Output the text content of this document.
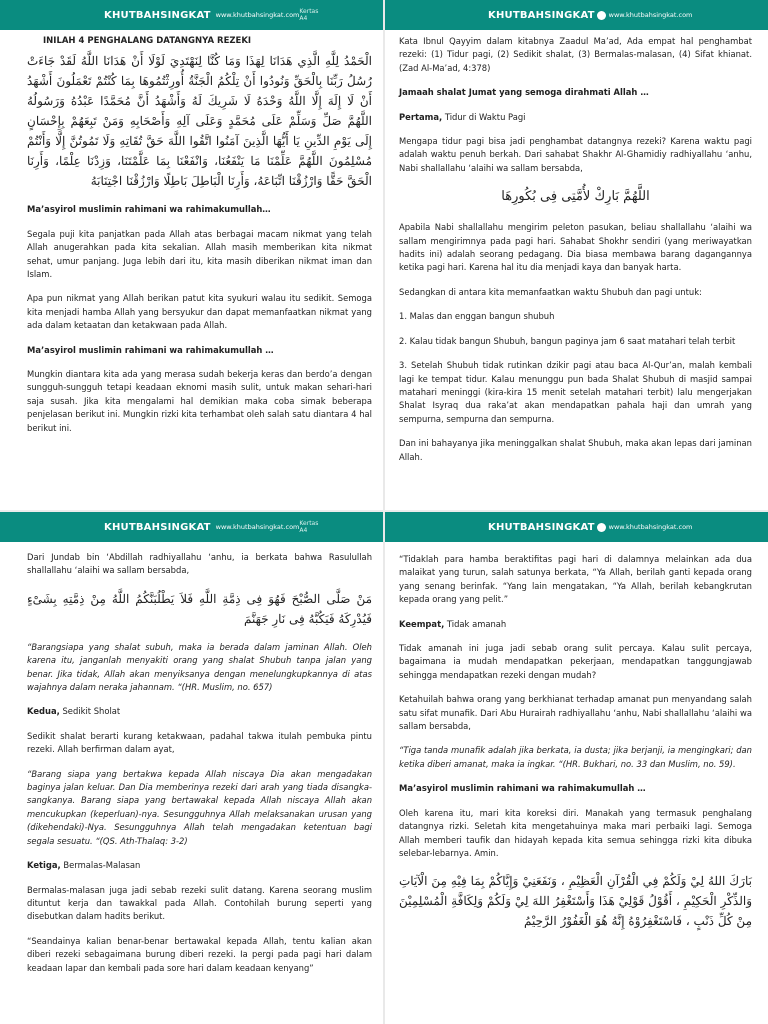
KHUTBAHSINGKAT www.khutbahsingkat.com Kertas A4
INILAH 4 PENGHALANG DATANGNYA REZEKI
الْحَمْدُ لِلَّهِ الَّذِي هَدَانَا لِهَذَا وَمَا كُنَّا لِنَهْتَدِيَ لَوْلَا أَنْ هَدَانَا اللَّهُ لَقَدْ جَاءَتْ رُسُلُ رَبِّنَا بِالْحَقِّ وَنُودُوا أَنْ تِلْكُمُ الْجَنَّةُ أُورِثْتُمُوهَا بِمَا كُنْتُمْ تَعْمَلُونَ أَشْهَدُ أَنْ لَا إِلَهَ إِلَّا اللَّهُ وَحْدَهُ لَا شَرِيكَ لَهُ وَأَشْهَدُ أَنَّ مُحَمَّدًا عَبْدُهُ وَرَسُولُهُ اللَّهُمَّ صَلِّ وَسَلِّمْ عَلَى مُحَمَّدٍ وَعَلَى آلِهِ وَأَصْحَابِهِ وَمَنْ تَبِعَهُمْ بِإِحْسَانٍ إِلَى يَوْمِ الدِّينِ يَا أَيُّهَا الَّذِينَ آمَنُوا اتَّقُوا اللَّهَ حَقَّ تُقَاتِهِ وَلَا تَمُوتُنَّ إِلَّا وَأَنْتُمْ مُسْلِمُونَ اللَّهُمَّ عَلِّمْنَا مَا يَنْفَعُنَا، وَانْفَعْنَا بِمَا عَلَّمْتَنَا، وَزِدْنَا عِلْمًا، وَأَرِنَا الْحَقَّ حَقًّا وَارْزُقْنَا اتِّبَاعَهُ، وَأَرِنَا الْبَاطِلَ بَاطِلًا وَارْزُقْنَا اجْتِنَابَهُ

Ma’asyirol muslimin rahimani wa rahimakumullah…

Segala puji kita panjatkan pada Allah atas berbagai macam nikmat yang telah Allah anugerahkan pada kita sekalian. Allah masih memberikan kita nikmat sehat, umur panjang. Juga lebih dari itu, kita masih diberikan nikmat iman dan Islam.

Apa pun nikmat yang Allah berikan patut kita syukuri walau itu sedikit. Semoga kita menjadi hamba Allah yang bersyukur dan dapat memanfaatkan nikmat yang ada dalam ketaatan dan ketakwaan pada Allah.

Ma’asyirol muslimin rahimani wa rahimakumullah …

Mungkin diantara kita ada yang merasa sudah bekerja keras dan berdo’a dengan sungguh-sungguh tetapi keadaan eknomi masih sulit, untuk makan sehari-hari saja susah. Jika kita mengalami hal demikian maka coba simak beberapa penjelasan berikut ini. Mungkin rizki kita terhambat oleh salah satu diantara 4 hal berikut ini.

KHUTBAHSINGKAT www.khutbahsingkat.com

Kata Ibnul Qayyim dalam kitabnya Zaadul Ma’ad, Ada empat hal penghambat rezeki: (1) Tidur pagi, (2) Sedikit shalat, (3) Bermalas-malasan, (4) Sifat khianat. (Zad Al-Ma’ad, 4:378)

Jamaah shalat Jumat yang semoga dirahmati Allah …

Pertama, Tidur di Waktu Pagi

Mengapa tidur pagi bisa jadi penghambat datangnya rezeki? Karena waktu pagi adalah waktu penuh berkah. Dari sahabat Shakhr Al-Ghamidiy radhiyallahu ‘anhu, Nabi shallallahu ‘alaihi wa sallam bersabda,

اللَّهُمَّ بَارِكْ لأُمَّتِى فِى بُكُورِهَا

Apabila Nabi shallallahu mengirim peleton pasukan, beliau shallallahu ‘alaihi wa sallam mengirimnya pada pagi hari. Sahabat Shokhr sendiri (yang meriwayatkan hadits ini) adalah seorang pedagang. Dia biasa membawa barang dagangannya ketika pagi hari. Karena hal itu dia menjadi kaya dan banyak harta.

Sedangkan di antara kita memanfaatkan waktu Shubuh dan pagi untuk:

1. Malas dan enggan bangun shubuh

2. Kalau tidak bangun Shubuh, bangun paginya jam 6 saat matahari telah terbit

3. Setelah Shubuh tidak rutinkan dzikir pagi atau baca Al-Qur’an, malah kembali lagi ke tempat tidur. Kalau menunggu pun bada Shalat Shubuh di masjid sampai matahari meninggi (kira-kira 15 menit setelah matahari terbit) lalu mengerjakan Shalat Isyraq dua raka’at akan mendapatkan pahala haji dan umrah yang sempurna, sempurna dan sempurna.

Dan ini bahayanya jika meninggalkan shalat Shubuh, maka akan lepas dari jaminan Allah.

KHUTBAHSINGKAT www.khutbahsingkat.com Kertas A4

Dari Jundab bin ‘Abdillah radhiyallahu ‘anhu, ia berkata bahwa Rasulullah shallallahu ‘alaihi wa sallam bersabda,

مَنْ صَلَّى الصُّبْحَ فَهُوَ فِى ذِمَّةِ اللَّهِ فَلاَ يَطْلُبَنَّكُمُ اللَّهُ مِنْ ذِمَّتِهِ بِشَىْءٍ فَيُدْرِكَهُ فَيَكُبَّهُ فِى نَارِ جَهَنَّمَ

“Barangsiapa yang shalat subuh, maka ia berada dalam jaminan Allah. Oleh karena itu, janganlah menyakiti orang yang shalat Shubuh tanpa jalan yang benar. Jika tidak, Allah akan menyiksanya dengan menelungkupkannya di atas wajahnya dalam neraka jahannam. “(HR. Muslim, no. 657)

Kedua, Sedikit Sholat

Sedikit shalat berarti kurang ketakwaan, padahal takwa itulah pembuka pintu rezeki. Allah berfirman dalam ayat,

“Barang siapa yang bertakwa kepada Allah niscaya Dia akan mengadakan baginya jalan keluar. Dan Dia memberinya rezeki dari arah yang tiada disangka-sangkanya. Barang siapa yang bertawakal kepada Allah niscaya Allah akan mencukupkan (keperluan)-nya. Sesungguhnya Allah melaksanakan urusan yang (dikehendaki)-Nya. Sesungguhnya Allah telah mengadakan ketentuan bagi segala sesuatu. “(QS. Ath-Thalaq: 3-2)

Ketiga, Bermalas-Malasan

Bermalas-malasan juga jadi sebab rezeki sulit datang. Karena seorang muslim dituntut kerja dan tawakkal pada Allah. Contohilah burung seperti yang disebutkan dalam hadits berikut.

“Seandainya kalian benar-benar bertawakal kepada Allah, tentu kalian akan diberi rezeki sebagaimana burung diberi rezeki. Ia pergi pada pagi hari dalam keadaan lapar dan kembali pada sore hari dalam keadaan kenyang”

KHUTBAHSINGKAT www.khutbahsingkat.com

“Tidaklah para hamba beraktifitas pagi hari di dalamnya melainkan ada dua malaikat yang turun, salah satunya berkata, “Ya Allah, berilah ganti kepada orang yang senang berinfak. “Yang lain mengatakan, “Ya Allah, berilah kebangkrutan kepada orang yang pelit.”

Keempat, Tidak amanah

Tidak amanah ini juga jadi sebab orang sulit percaya. Kalau sulit percaya, bagaimana ia mudah mendapatkan pekerjaan, mendapatkan tanggungjawab sehingga mendapatkan rezeki dengan mudah?

Ketahuilah bahwa orang yang berkhianat terhadap amanat pun menyandang salah satu sifat munafik. Dari Abu Hurairah radhiyallahu ‘anhu, Nabi shallallahu ‘alaihi wa sallam bersabda,

“Tiga tanda munafik adalah jika berkata, ia dusta; jika berjanji, ia mengingkari; dan ketika diberi amanat, maka ia ingkar. “(HR. Bukhari, no. 33 dan Muslim, no. 59).

Ma’asyirol muslimin rahimani wa rahimakumullah …

Oleh karena itu, mari kita koreksi diri. Manakah yang termasuk penghalang datangnya rizki. Seletah kita mengetahuinya maka mari perbaiki lagi. Semoga Allah memberi taufik dan hidayah kepada kita semua sehingga rizki kita dibuka selebar-lebarnya. Amin.

بَارَكَ اللهُ لِيْ وَلَكُمْ فِي الْقُرْآنِ الْعَظِيْمِ ، وَنَفَعَنِيْ وَإِيَّاكُمْ بِمَا فِيْهِ مِنَ الْآيَاتِ وَالذِّكْرِ الْحَكِيْمِ ، أَقُوْلُ قَوْلِيْ هَذَا وَأَسْتَغْفِرُ اللهَ لِيْ وَلَكُمْ وَلِكَافَّةِ الْمُسْلِمِيْنَ مِنْ كُلِّ ذَنْبٍ ، فَاسْتَغْفِرُوْهُ إِنَّهُ هُوَ الْغَفُوْرُ الرَّحِيْمُ
